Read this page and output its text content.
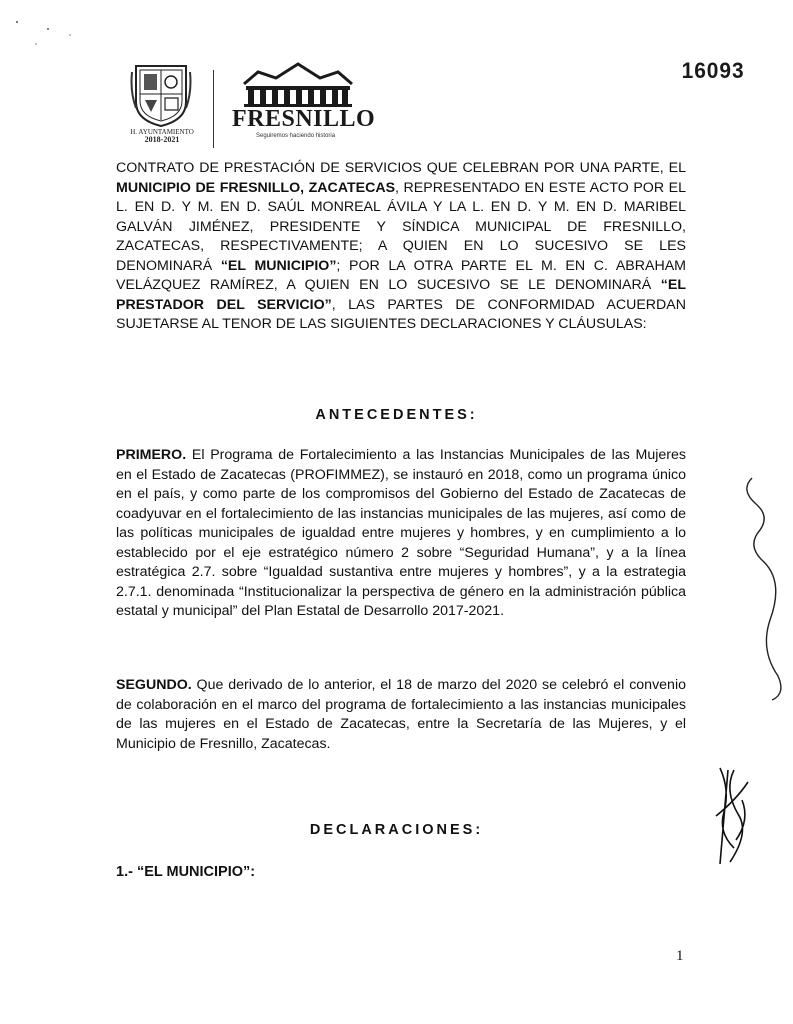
H. AYUNTAMIENTO
2018-2021
FRESNILLO
Seguiremos haciendo historia
16093
CONTRATO DE PRESTACIÓN DE SERVICIOS QUE CELEBRAN POR UNA PARTE, EL MUNICIPIO DE FRESNILLO, ZACATECAS, REPRESENTADO EN ESTE ACTO POR EL L. EN D. Y M. EN D. SAÚL MONREAL ÁVILA Y LA L. EN D. Y M. EN D. MARIBEL GALVÁN JIMÉNEZ, PRESIDENTE Y SÍNDICA MUNICIPAL DE FRESNILLO, ZACATECAS, RESPECTIVAMENTE; A QUIEN EN LO SUCESIVO SE LES DENOMINARÁ “EL MUNICIPIO”; POR LA OTRA PARTE EL M. EN C. ABRAHAM VELÁZQUEZ RAMÍREZ, A QUIEN EN LO SUCESIVO SE LE DENOMINARÁ “EL PRESTADOR DEL SERVICIO”, LAS PARTES DE CONFORMIDAD ACUERDAN SUJETARSE AL TENOR DE LAS SIGUIENTES DECLARACIONES Y CLÁUSULAS:
ANTECEDENTES:
PRIMERO. El Programa de Fortalecimiento a las Instancias Municipales de las Mujeres en el Estado de Zacatecas (PROFIMMEZ), se instauró en 2018, como un programa único en el país, y como parte de los compromisos del Gobierno del Estado de Zacatecas de coadyuvar en el fortalecimiento de las instancias municipales de las mujeres, así como de las políticas municipales de igualdad entre mujeres y hombres, y en cumplimiento a lo establecido por el eje estratégico número 2 sobre “Seguridad Humana”, y a la línea estratégica 2.7. sobre “Igualdad sustantiva entre mujeres y hombres”, y a la estrategia 2.7.1. denominada “Institucionalizar la perspectiva de género en la administración pública estatal y municipal” del Plan Estatal de Desarrollo 2017-2021.
SEGUNDO. Que derivado de lo anterior, el 18 de marzo del 2020 se celebró el convenio de colaboración en el marco del programa de fortalecimiento a las instancias municipales de las mujeres en el Estado de Zacatecas, entre la Secretaría de las Mujeres, y el Municipio de Fresnillo, Zacatecas.
DECLARACIONES:
1.- “EL MUNICIPIO”:
1
